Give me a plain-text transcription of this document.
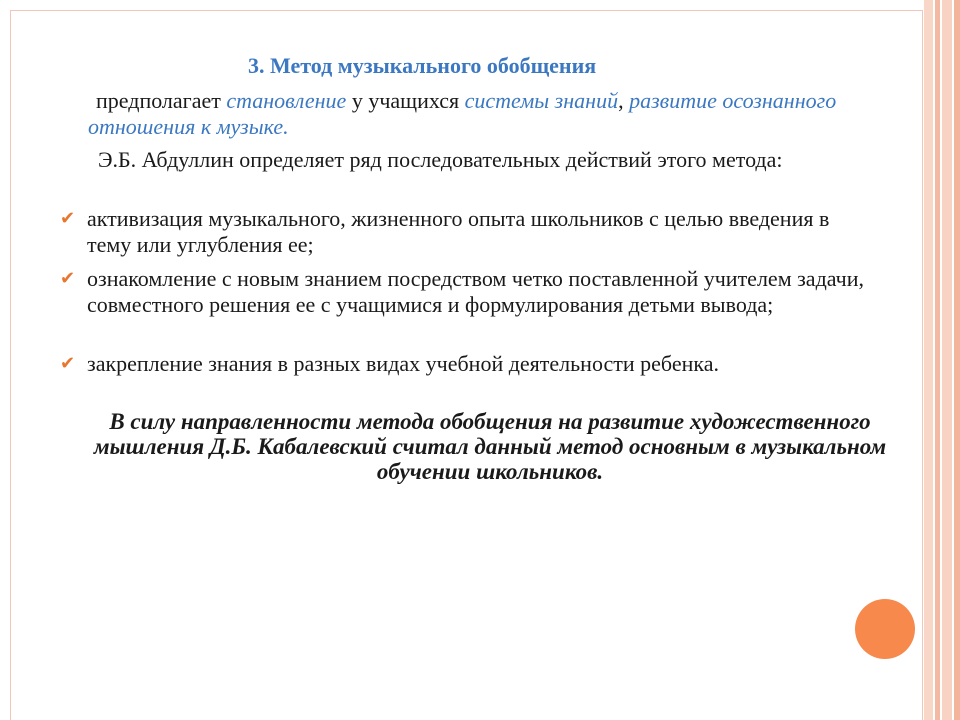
3. Метод музыкального обобщения
предполагает становление у учащихся системы знаний, развитие осознанного отношения к музыке.
Э.Б. Абдуллин определяет ряд последовательных действий этого метода:
✔ активизация музыкального, жизненного опыта школьников с целью введения в тему или углубления ее;
✔ ознакомление с новым знанием посредством четко поставленной учителем задачи, совместного решения ее с учащимися и формулирования детьми вывода;
✔ закрепление знания в разных видах учебной деятельности ребенка.
В силу направленности метода обобщения на развитие художественного мышления Д.Б. Кабалевский считал данный метод основным в музыкальном обучении школьников.
